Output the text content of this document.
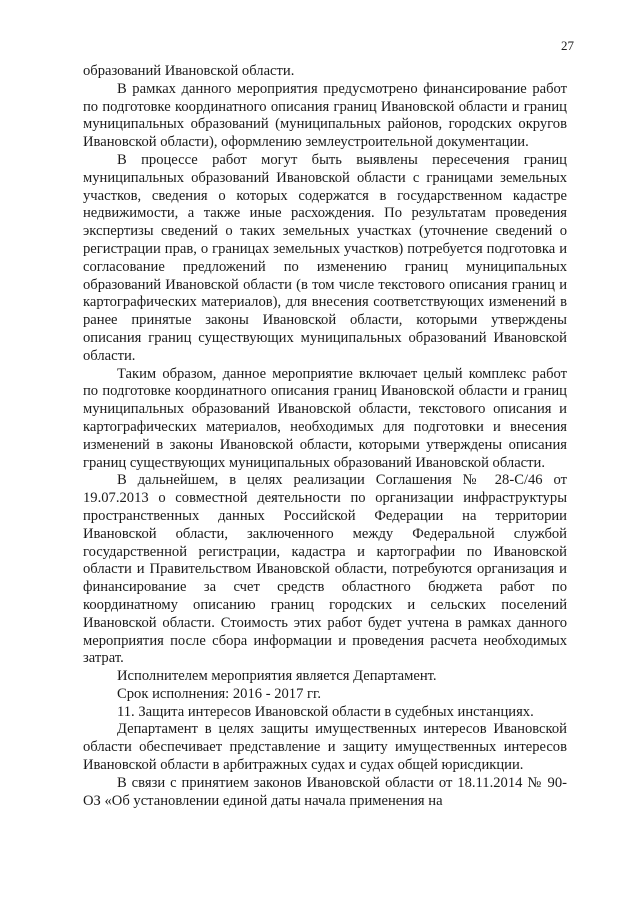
27

образований Ивановской области.

В рамках данного мероприятия предусмотрено финансирование работ по подготовке координатного описания границ Ивановской области и границ муниципальных образований (муниципальных районов, городских округов Ивановской области), оформлению землеустроительной документации.

В процессе работ могут быть выявлены пересечения границ муниципальных образований Ивановской области с границами земельных участков, сведения о которых содержатся в государственном кадастре недвижимости, а также иные расхождения. По результатам проведения экспертизы сведений о таких земельных участках (уточнение сведений о регистрации прав, о границах земельных участков) потребуется подготовка и согласование предложений по изменению границ муниципальных образований Ивановской области (в том числе текстового описания границ и картографических материалов), для внесения соответствующих изменений в ранее принятые законы Ивановской области, которыми утверждены описания границ существующих муниципальных образований Ивановской области.

Таким образом, данное мероприятие включает целый комплекс работ по подготовке координатного описания границ Ивановской области и границ муниципальных образований Ивановской области, текстового описания и картографических материалов, необходимых для подготовки и внесения изменений в законы Ивановской области, которыми утверждены описания границ существующих муниципальных образований Ивановской области.

В дальнейшем, в целях реализации Соглашения № 28-С/46 от 19.07.2013 о совместной деятельности по организации инфраструктуры пространственных данных Российской Федерации на территории Ивановской области, заключенного между Федеральной службой государственной регистрации, кадастра и картографии по Ивановской области и Правительством Ивановской области, потребуются организация и финансирование за счет средств областного бюджета работ по координатному описанию границ городских и сельских поселений Ивановской области. Стоимость этих работ будет учтена в рамках данного мероприятия после сбора информации и проведения расчета необходимых затрат.

Исполнителем мероприятия является Департамент.

Срок исполнения: 2016 - 2017 гг.

11. Защита интересов Ивановской области в судебных инстанциях.

Департамент в целях защиты имущественных интересов Ивановской области обеспечивает представление и защиту имущественных интересов Ивановской области в арбитражных судах и судах общей юрисдикции.

В связи с принятием законов Ивановской области от 18.11.2014 № 90-ОЗ «Об установлении единой даты начала применения на
